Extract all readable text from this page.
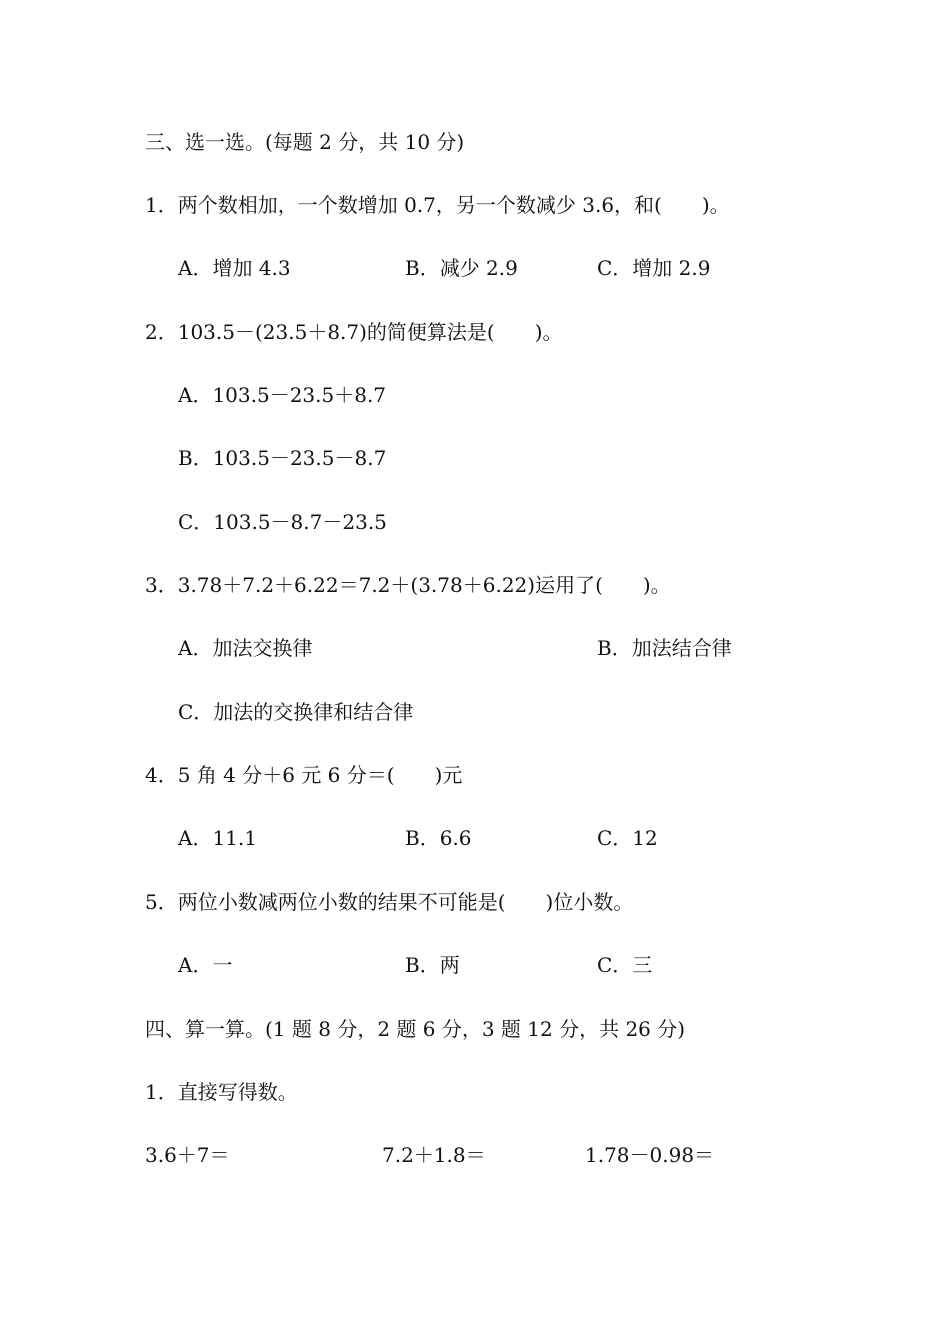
三、选一选。(每题 2 分，共 10 分)
1．两个数相加，一个数增加 0.7，另一个数减少 3.6，和(　　)。
A．增加 4.3	B．减少 2.9	C．增加 2.9
2．103.5－(23.5＋8.7)的简便算法是(　　)。
A．103.5－23.5＋8.7
B．103.5－23.5－8.7
C．103.5－8.7－23.5
3．3.78＋7.2＋6.22＝7.2＋(3.78＋6.22)运用了(　　)。
A．加法交换律	B．加法结合律
C．加法的交换律和结合律
4．5 角 4 分＋6 元 6 分＝(　　)元
A．11.1	B．6.6	C．12
5．两位小数减两位小数的结果不可能是(　　)位小数。
A．一	B．两	C．三
四、算一算。(1 题 8 分，2 题 6 分，3 题 12 分，共 26 分)
1．直接写得数。
3.6＋7＝	7.2＋1.8＝	1.78－0.98＝
